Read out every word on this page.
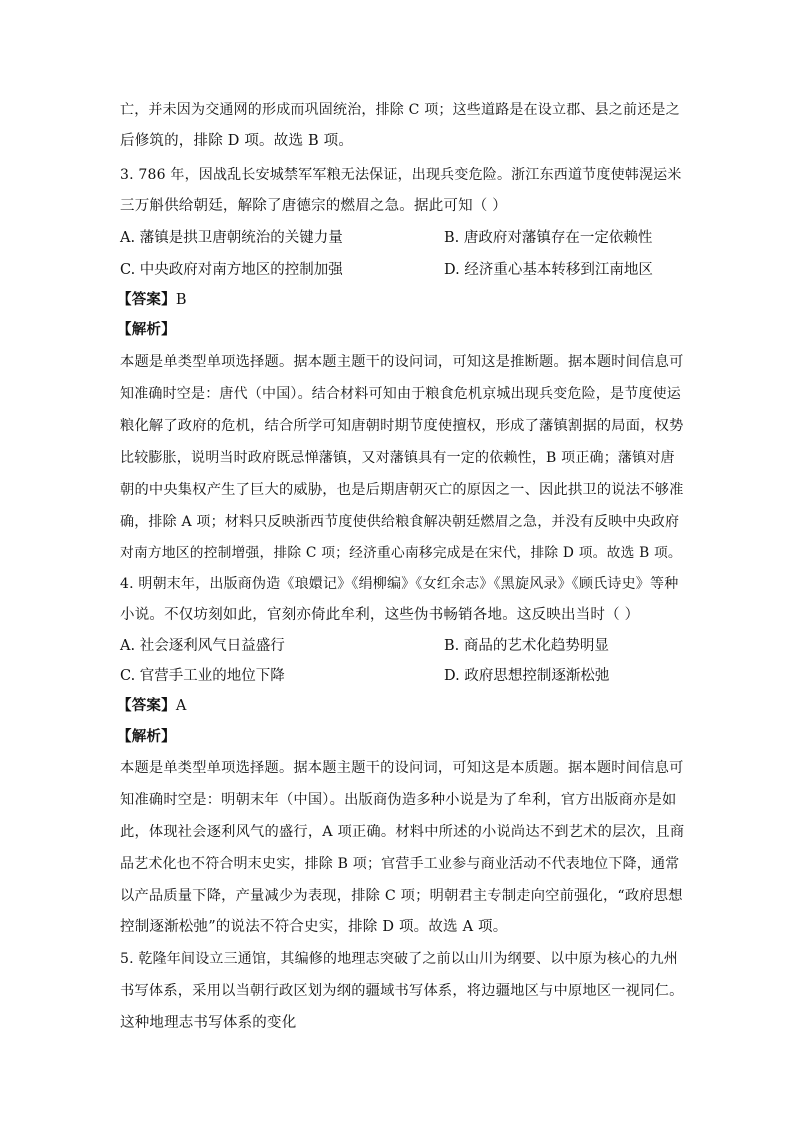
亡，并未因为交通网的形成而巩固统治，排除 C 项；这些道路是在设立郡、县之前还是之
后修筑的，排除 D 项。故选 B 项。
3. 786 年，因战乱长安城禁军军粮无法保证，出现兵变危险。浙江东西道节度使韩滉运米
三万斛供给朝廷，解除了唐德宗的燃眉之急。据此可知（ ）
A. 藩镇是拱卫唐朝统治的关键力量	B. 唐政府对藩镇存在一定依赖性
C. 中央政府对南方地区的控制加强	D. 经济重心基本转移到江南地区
【答案】B
【解析】
本题是单类型单项选择题。据本题主题干的设问词，可知这是推断题。据本题时间信息可
知准确时空是：唐代（中国）。结合材料可知由于粮食危机京城出现兵变危险，是节度使运
粮化解了政府的危机，结合所学可知唐朝时期节度使擅权，形成了藩镇割据的局面，权势
比较膨胀，说明当时政府既忌惮藩镇，又对藩镇具有一定的依赖性，B 项正确；藩镇对唐
朝的中央集权产生了巨大的威胁，也是后期唐朝灭亡的原因之一、因此拱卫的说法不够准
确，排除 A 项；材料只反映浙西节度使供给粮食解决朝廷燃眉之急，并没有反映中央政府
对南方地区的控制增强，排除 C 项；经济重心南移完成是在宋代，排除 D 项。故选 B 项。
4. 明朝末年，出版商伪造《琅嬛记》《绢柳编》《女红余志》《黑旋风录》《顾氏诗史》等种
小说。不仅坊刻如此，官刻亦倚此牟利，这些伪书畅销各地。这反映出当时（ ）
A. 社会逐利风气日益盛行	B. 商品的艺术化趋势明显
C. 官营手工业的地位下降	D. 政府思想控制逐渐松弛
【答案】A
【解析】
本题是单类型单项选择题。据本题主题干的设问词，可知这是本质题。据本题时间信息可
知准确时空是：明朝末年（中国）。出版商伪造多种小说是为了牟利，官方出版商亦是如
此，体现社会逐利风气的盛行，A 项正确。材料中所述的小说尚达不到艺术的层次，且商
品艺术化也不符合明末史实，排除 B 项；官营手工业参与商业活动不代表地位下降，通常
以产品质量下降，产量减少为表现，排除 C 项；明朝君主专制走向空前强化，“政府思想
控制逐渐松弛”的说法不符合史实，排除 D 项。故选 A 项。
5. 乾隆年间设立三通馆，其编修的地理志突破了之前以山川为纲要、以中原为核心的九州
书写体系，采用以当朝行政区划为纲的疆域书写体系，将边疆地区与中原地区一视同仁。
这种地理志书写体系的变化
